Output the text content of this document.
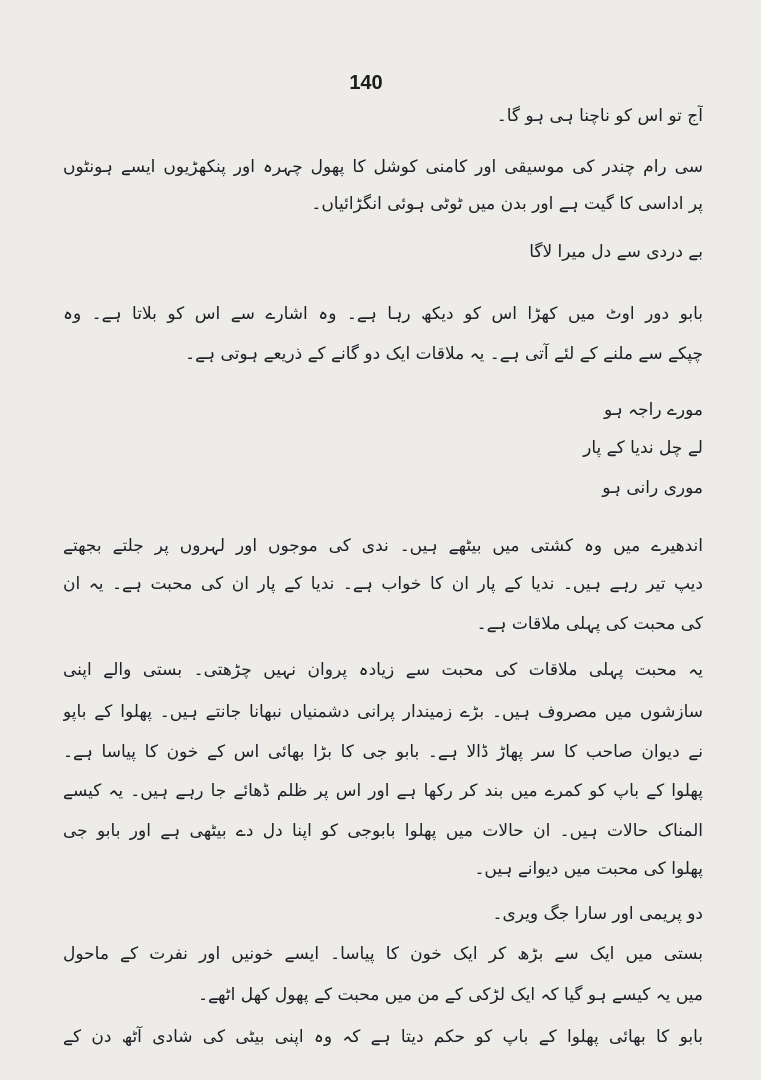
140
آج تو اس کو ناچنا ہی ہو گا۔
سی رام چندر کی موسیقی اور کامنی کوشل کا پھول چہرہ اور پنکھڑیوں ایسے ہونٹوں
پر اداسی کا گیت ہے اور بدن میں ٹوٹی ہوئی انگڑائیاں۔
بے دردی سے دل میرا لاگا
بابو دور اوٹ میں کھڑا اس کو دیکھ رہا ہے۔ وہ اشارے سے اس کو بلاتا ہے۔ وہ
چپکے سے ملنے کے لئے آتی ہے۔ یہ ملاقات ایک دو گانے کے ذریعے ہوتی ہے۔
مورے راجہ ہو
لے چل ندیا کے پار
موری رانی ہو
اندھیرے میں وہ کشتی میں بیٹھے ہیں۔ ندی کی موجوں اور لہروں پر جلتے بجھتے
دیپ تیر رہے ہیں۔ ندیا کے پار ان کا خواب ہے۔ ندیا کے پار ان کی محبت ہے۔ یہ ان
کی محبت کی پہلی ملاقات ہے۔
یہ محبت پہلی ملاقات کی محبت سے زیادہ پروان نہیں چڑھتی۔ بستی والے اپنی
سازشوں میں مصروف ہیں۔ بڑے زمیندار پرانی دشمنیاں نبھانا جانتے ہیں۔ پھلوا کے باپو
نے دیوان صاحب کا سر پھاڑ ڈالا ہے۔ بابو جی کا بڑا بھائی اس کے خون کا پیاسا ہے۔
پھلوا کے باپ کو کمرے میں بند کر رکھا ہے اور اس پر ظلم ڈھائے جا رہے ہیں۔ یہ کیسے
المناک حالات ہیں۔ ان حالات میں پھلوا بابوجی کو اپنا دل دے بیٹھی ہے اور بابو جی
پھلوا کی محبت میں دیوانے ہیں۔
دو پریمی اور سارا جگ ویری۔
بستی میں ایک سے بڑھ کر ایک خون کا پیاسا۔ ایسے خونیں اور نفرت کے ماحول
میں یہ کیسے ہو گیا کہ ایک لڑکی کے من میں محبت کے پھول کھل اٹھے۔
بابو کا بھائی پھلوا کے باپ کو حکم دیتا ہے کہ وہ اپنی بیٹی کی شادی آٹھ دن کے
